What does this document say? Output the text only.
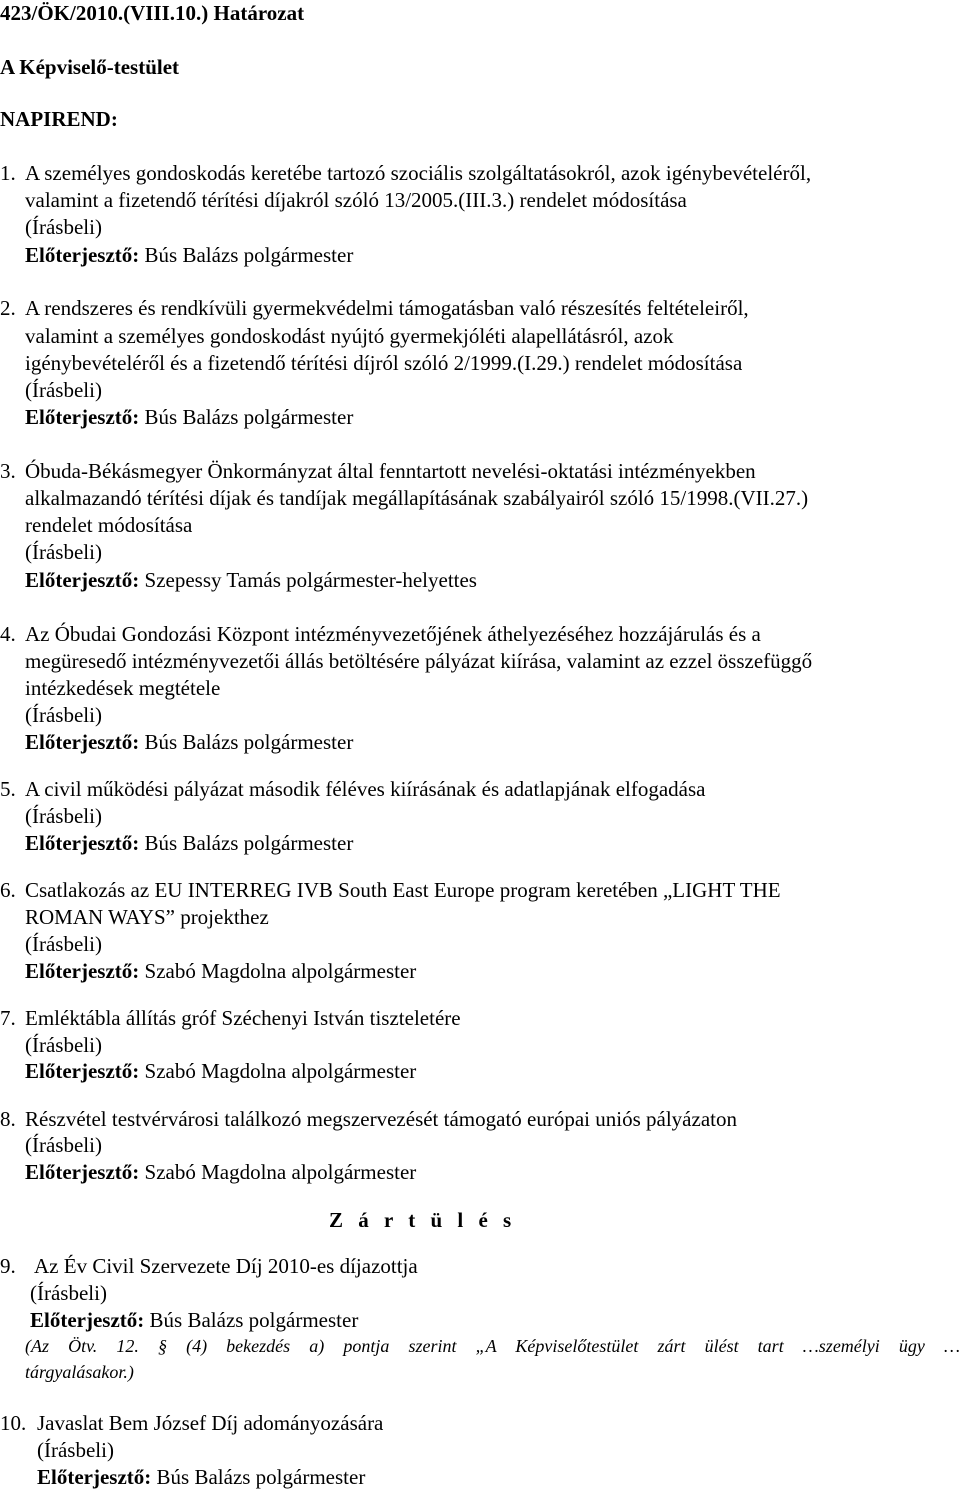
423/ÖK/2010.(VIII.10.) Határozat
A Képviselő-testület
NAPIREND:
1. A személyes gondoskodás keretébe tartozó szociális szolgáltatásokról, azok igénybevételéről,
valamint a fizetendő térítési díjakról szóló 13/2005.(III.3.) rendelet módosítása
(Írásbeli)
Előterjesztő: Bús Balázs polgármester
2. A rendszeres és rendkívüli gyermekvédelmi támogatásban való részesítés feltételeiről,
valamint a személyes gondoskodást nyújtó gyermekjóléti alapellátásról, azok
igénybevételéről és a fizetendő térítési díjról szóló 2/1999.(I.29.) rendelet módosítása
(Írásbeli)
Előterjesztő: Bús Balázs polgármester
3. Óbuda-Békásmegyer Önkormányzat által fenntartott nevelési-oktatási intézményekben
alkalmazandó térítési díjak és tandíjak megállapításának szabályairól szóló 15/1998.(VII.27.)
rendelet módosítása
(Írásbeli)
Előterjesztő: Szepessy Tamás polgármester-helyettes
4. Az Óbudai Gondozási Központ intézményvezetőjének áthelyezéséhez hozzájárulás és a
megüresedő intézményvezetői állás betöltésére pályázat kiírása, valamint az ezzel összefüggő
intézkedések megtétele
(Írásbeli)
Előterjesztő: Bús Balázs polgármester
5. A civil működési pályázat második féléves kiírásának és adatlapjának elfogadása
(Írásbeli)
Előterjesztő: Bús Balázs polgármester
6. Csatlakozás az EU INTERREG IVB South East Europe program keretében „LIGHT THE
ROMAN WAYS” projekthez
(Írásbeli)
Előterjesztő: Szabó Magdolna alpolgármester
7. Emléktábla állítás gróf Széchenyi István tiszteletére
(Írásbeli)
Előterjesztő: Szabó Magdolna alpolgármester
8. Részvétel testvérvárosi találkozó megszervezését támogató európai uniós pályázaton
(Írásbeli)
Előterjesztő: Szabó Magdolna alpolgármester
Z á r t ü l é s
9. Az Év Civil Szervezete Díj 2010-es díjazottja
(Írásbeli)
Előterjesztő: Bús Balázs polgármester
(Az Ötv. 12. § (4) bekezdés a) pontja szerint „A Képviselőtestület zárt ülést tart …személyi ügy …
tárgyalásakor.)
10. Javaslat Bem József Díj adományozására
(Írásbeli)
Előterjesztő: Bús Balázs polgármester
